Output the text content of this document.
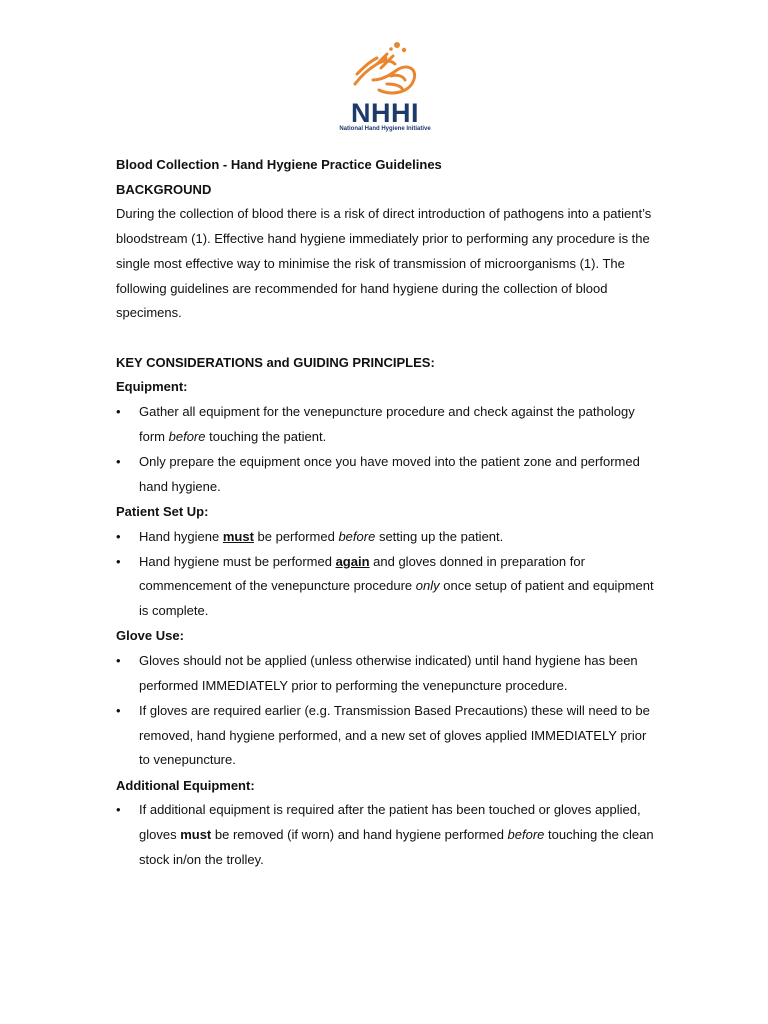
NHHI
National Hand Hygiene Initiative

Blood Collection - Hand Hygiene Practice Guidelines

BACKGROUND

During the collection of blood there is a risk of direct introduction of pathogens into a patient’s bloodstream (1). Effective hand hygiene immediately prior to performing any procedure is the single most effective way to minimise the risk of transmission of microorganisms (1). The following guidelines are recommended for hand hygiene during the collection of blood specimens.

KEY CONSIDERATIONS and GUIDING PRINCIPLES:

Equipment:

• Gather all equipment for the venepuncture procedure and check against the pathology form before touching the patient.
• Only prepare the equipment once you have moved into the patient zone and performed hand hygiene.

Patient Set Up:

• Hand hygiene must be performed before setting up the patient.
• Hand hygiene must be performed again and gloves donned in preparation for commencement of the venepuncture procedure only once setup of patient and equipment is complete.

Glove Use:

• Gloves should not be applied (unless otherwise indicated) until hand hygiene has been performed IMMEDIATELY prior to performing the venepuncture procedure.
• If gloves are required earlier (e.g. Transmission Based Precautions) these will need to be removed, hand hygiene performed, and a new set of gloves applied IMMEDIATELY prior to venepuncture.

Additional Equipment:

• If additional equipment is required after the patient has been touched or gloves applied, gloves must be removed (if worn) and hand hygiene performed before touching the clean stock in/on the trolley.
